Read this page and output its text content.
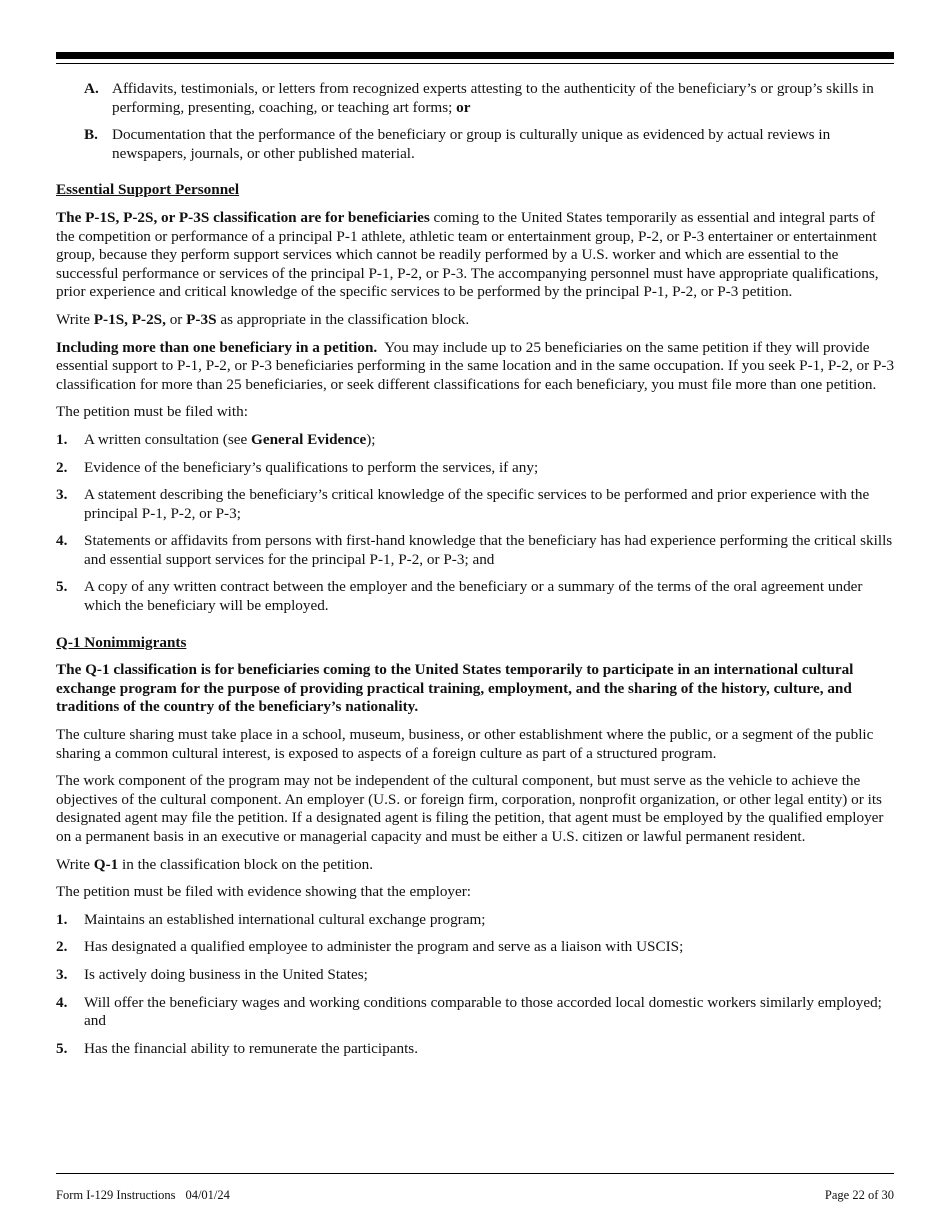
A. Affidavits, testimonials, or letters from recognized experts attesting to the authenticity of the beneficiary’s or group’s skills in performing, presenting, coaching, or teaching art forms; or
B. Documentation that the performance of the beneficiary or group is culturally unique as evidenced by actual reviews in newspapers, journals, or other published material.
Essential Support Personnel

The P-1S, P-2S, or P-3S classification are for beneficiaries coming to the United States temporarily as essential and integral parts of the competition or performance of a principal P-1 athlete, athletic team or entertainment group, P-2, or P-3 entertainer or entertainment group, because they perform support services which cannot be readily performed by a U.S. worker and which are essential to the successful performance or services of the principal P-1, P-2, or P-3. The accompanying personnel must have appropriate qualifications, prior experience and critical knowledge of the specific services to be performed by the principal P-1, P-2, or P-3 petition.

Write P-1S, P-2S, or P-3S as appropriate in the classification block.

Including more than one beneficiary in a petition. You may include up to 25 beneficiaries on the same petition if they will provide essential support to P-1, P-2, or P-3 beneficiaries performing in the same location and in the same occupation. If you seek P-1, P-2, or P-3 classification for more than 25 beneficiaries, or seek different classifications for each beneficiary, you must file more than one petition.

The petition must be filed with:

1.	A written consultation (see General Evidence);
2.	Evidence of the beneficiary’s qualifications to perform the services, if any;
3.	A statement describing the beneficiary’s critical knowledge of the specific services to be performed and prior experience with the principal P-1, P-2, or P-3;
4.	Statements or affidavits from persons with first-hand knowledge that the beneficiary has had experience performing the critical skills and essential support services for the principal P-1, P-2, or P-3; and
5.	A copy of any written contract between the employer and the beneficiary or a summary of the terms of the oral agreement under which the beneficiary will be employed.
Q-1 Nonimmigrants

The Q-1 classification is for beneficiaries coming to the United States temporarily to participate in an international cultural exchange program for the purpose of providing practical training, employment, and the sharing of the history, culture, and traditions of the country of the beneficiary’s nationality.

The culture sharing must take place in a school, museum, business, or other establishment where the public, or a segment of the public sharing a common cultural interest, is exposed to aspects of a foreign culture as part of a structured program.

The work component of the program may not be independent of the cultural component, but must serve as the vehicle to achieve the objectives of the cultural component. An employer (U.S. or foreign firm, corporation, nonprofit organization, or other legal entity) or its designated agent may file the petition. If a designated agent is filing the petition, that agent must be employed by the qualified employer on a permanent basis in an executive or managerial capacity and must be either a U.S. citizen or lawful permanent resident.

Write Q-1 in the classification block on the petition.

The petition must be filed with evidence showing that the employer:

1.	Maintains an established international cultural exchange program;
2.	Has designated a qualified employee to administer the program and serve as a liaison with USCIS;
3.	Is actively doing business in the United States;
4.	Will offer the beneficiary wages and working conditions comparable to those accorded local domestic workers similarly employed; and
5.	Has the financial ability to remunerate the participants.
Form I-129 Instructions 04/01/24	Page 22 of 30
